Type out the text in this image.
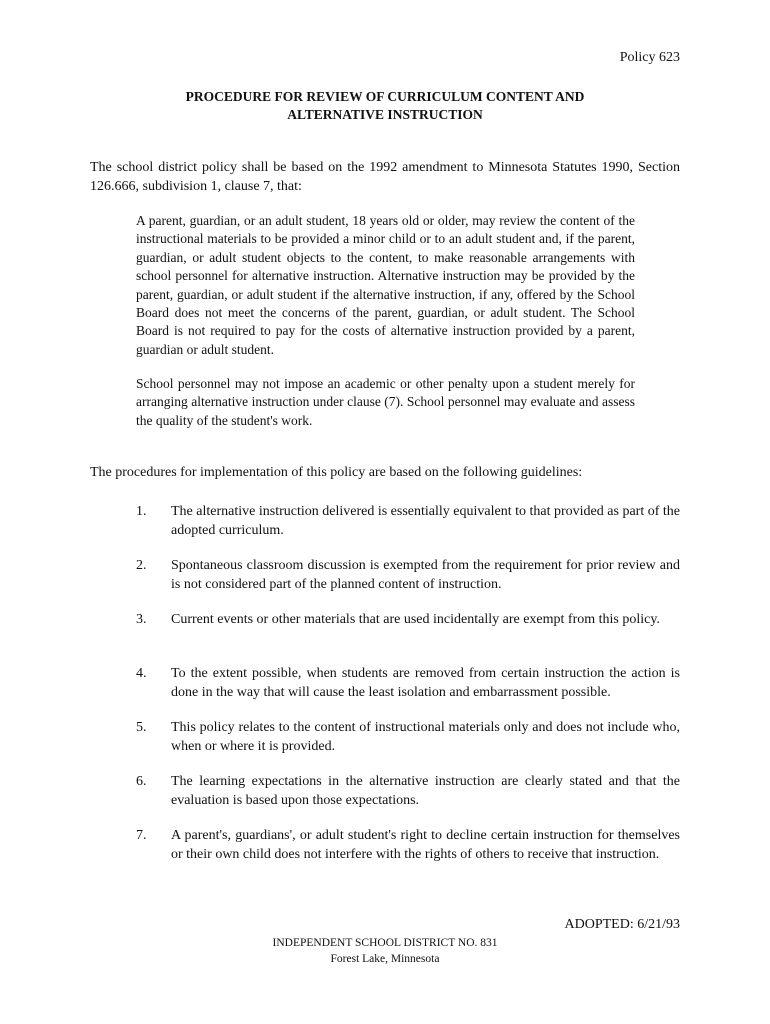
Policy 623
PROCEDURE FOR REVIEW OF CURRICULUM CONTENT AND
ALTERNATIVE INSTRUCTION

The school district policy shall be based on the 1992 amendment to Minnesota Statutes 1990, Section 126.666, subdivision 1, clause 7, that:

A parent, guardian, or an adult student, 18 years old or older, may review the content of the instructional materials to be provided a minor child or to an adult student and, if the parent, guardian, or adult student objects to the content, to make reasonable arrangements with school personnel for alternative instruction. Alternative instruction may be provided by the parent, guardian, or adult student if the alternative instruction, if any, offered by the School Board does not meet the concerns of the parent, guardian, or adult student. The School Board is not required to pay for the costs of alternative instruction provided by a parent, guardian or adult student.

School personnel may not impose an academic or other penalty upon a student merely for arranging alternative instruction under clause (7). School personnel may evaluate and assess the quality of the student's work.

The procedures for implementation of this policy are based on the following guidelines:

1. The alternative instruction delivered is essentially equivalent to that provided as part of the adopted curriculum.

2. Spontaneous classroom discussion is exempted from the requirement for prior review and is not considered part of the planned content of instruction.

3. Current events or other materials that are used incidentally are exempt from this policy.

4. To the extent possible, when students are removed from certain instruction the action is done in the way that will cause the least isolation and embarrassment possible.

5. This policy relates to the content of instructional materials only and does not include who, when or where it is provided.

6. The learning expectations in the alternative instruction are clearly stated and that the evaluation is based upon those expectations.

7. A parent's, guardians', or adult student's right to decline certain instruction for themselves or their own child does not interfere with the rights of others to receive that instruction.

ADOPTED: 6/21/93
INDEPENDENT SCHOOL DISTRICT NO. 831
Forest Lake, Minnesota
